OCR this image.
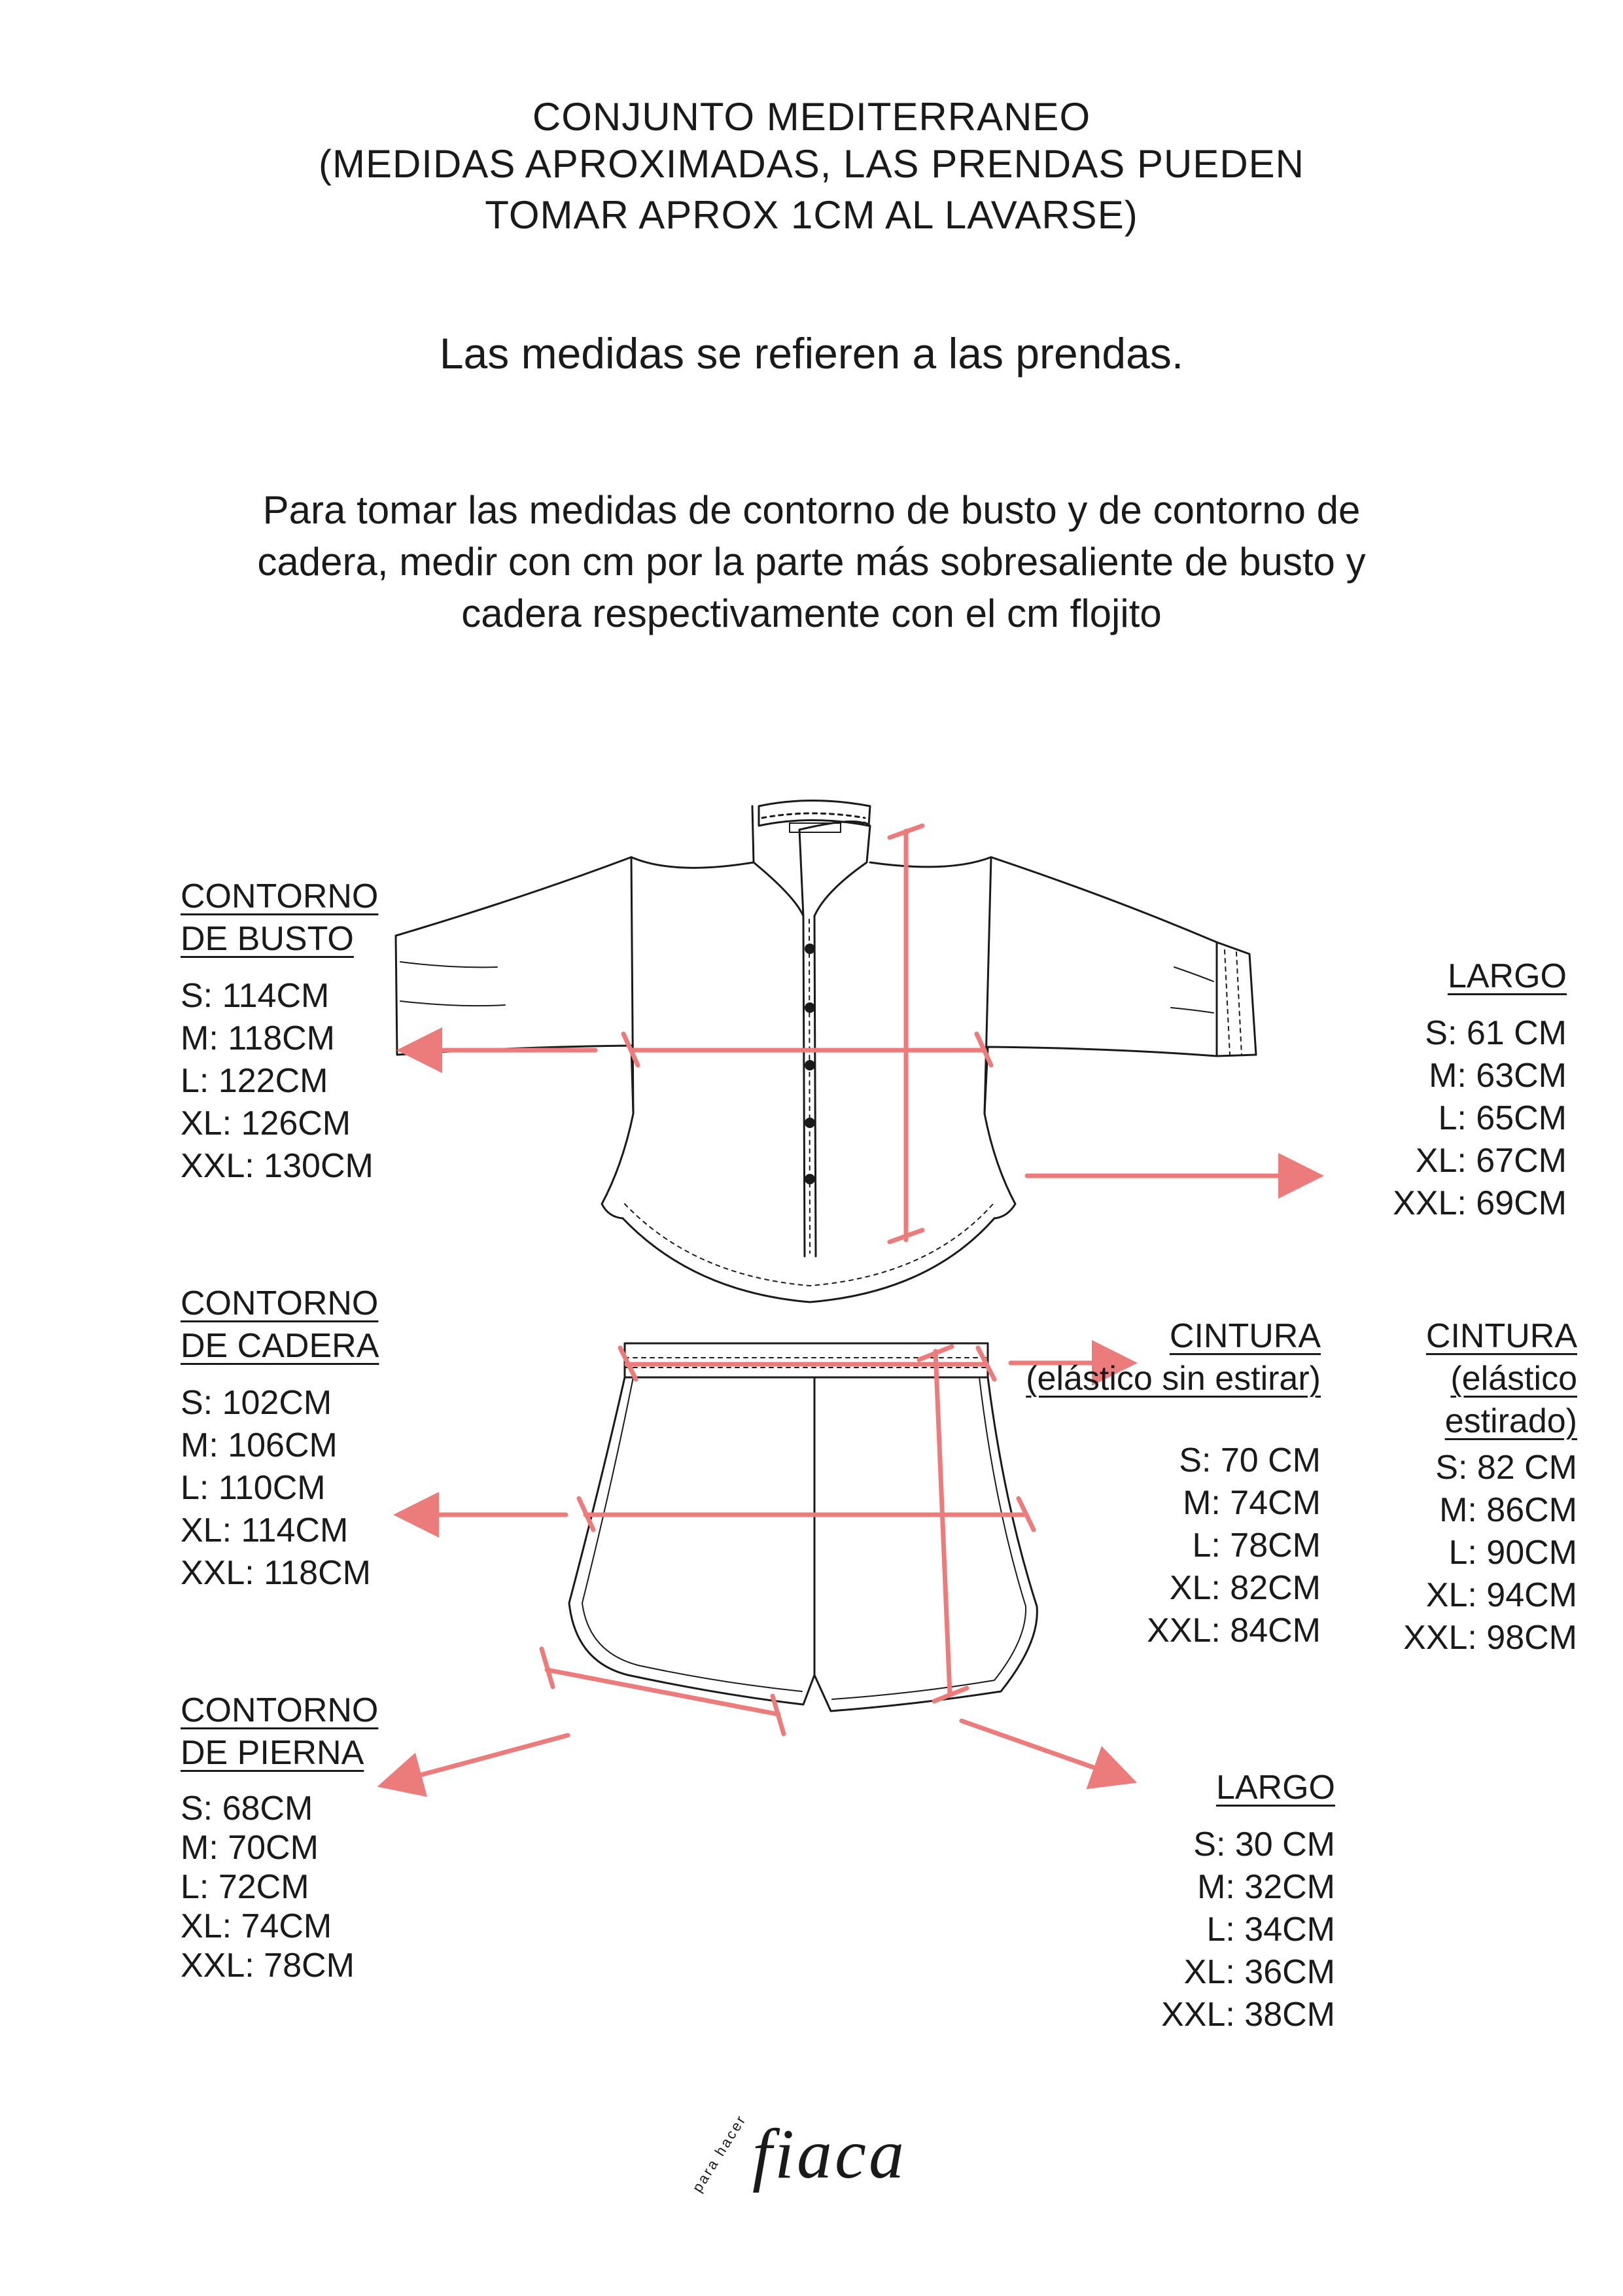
CONJUNTO MEDITERRANEO
(MEDIDAS APROXIMADAS, LAS PRENDAS PUEDEN
TOMAR APROX 1CM AL LAVARSE)
Las medidas se refieren a las prendas.
Para tomar las medidas de contorno de busto y de contorno de
cadera, medir con cm por la parte más sobresaliente de busto y
cadera respectivamente con el cm flojito
CONTORNO
DE BUSTO
S: 114CM
M: 118CM
L: 122CM
XL: 126CM
XXL: 130CM
LARGO
S: 61 CM
M: 63CM
L: 65CM
XL: 67CM
XXL: 69CM
CONTORNO
DE CADERA
S: 102CM
M: 106CM
L: 110CM
XL: 114CM
XXL: 118CM
CINTURA
(elástico sin estirar)
S: 70 CM
M: 74CM
L: 78CM
XL: 82CM
XXL: 84CM
CINTURA
(elástico
estirado)
S: 82 CM
M: 86CM
L: 90CM
XL: 94CM
XXL: 98CM
CONTORNO
DE PIERNA
S: 68CM
M: 70CM
L: 72CM
XL: 74CM
XXL: 78CM
LARGO
S: 30 CM
M: 32CM
L: 34CM
XL: 36CM
XXL: 38CM
para hacer fiaca
